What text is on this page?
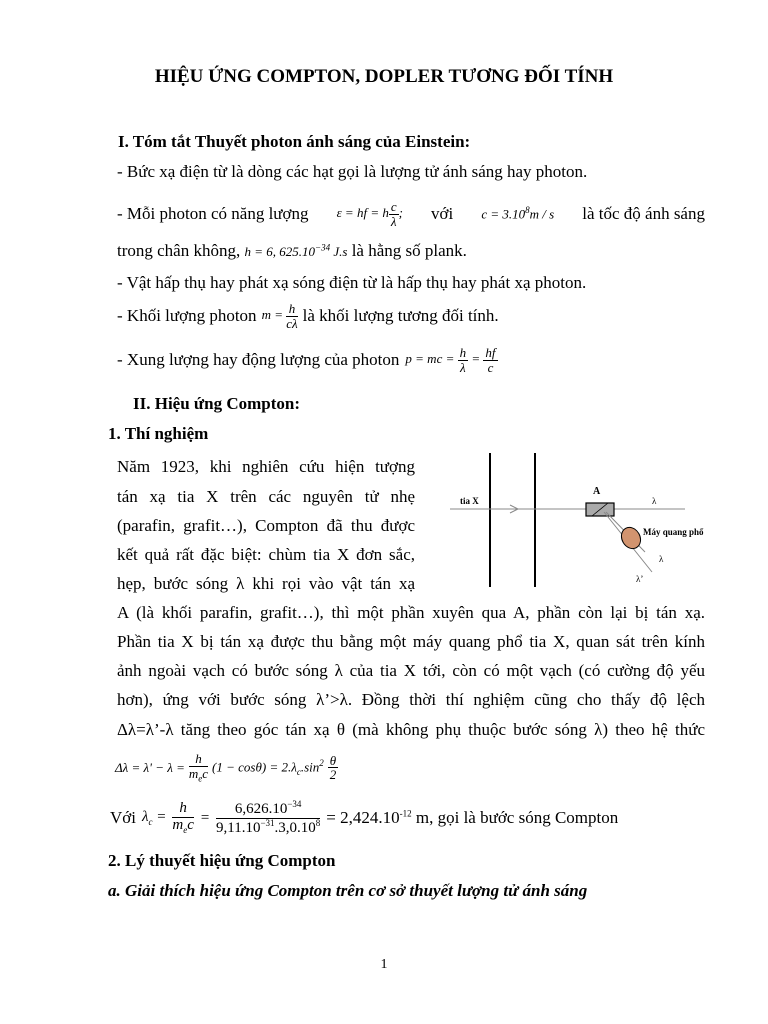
HIỆU ỨNG COMPTON, DOPLER TƯƠNG ĐỐI TÍNH
I. Tóm tắt Thuyết photon ánh sáng của Einstein:
- Bức xạ điện từ là dòng các hạt gọi là lượng tử ánh sáng hay photon.
- Mỗi photon có năng lượng ε = hf = h $\frac{c}{\lambda}$ ; với $c = 3.10^8m / s$ là tốc độ ánh sáng
trong chân không, h = 6, $625.10^{-34}$ J.s là hằng số plank.
- Vật hấp thụ hay phát xạ sóng điện từ là hấp thụ hay phát xạ photon.
- Khối lượng photon $m = \frac{h}{c\lambda}$ là khối lượng tương đối tính.
- Xung lượng hay động lượng của photon p = mc = $\frac{h}{\lambda} = \frac{hf}{c}$
II. Hiệu ứng Compton:
1. Thí nghiệm
Năm 1923, khi nghiên cứu hiện tượng
tán xạ tia X trên các nguyên tử nhẹ
(parafin, grafit…), Compton đã thu được
kết quả rất đặc biệt: chùm tia X đơn sắc,
hẹp, bước sóng λ khi rọi vào vật tán xạ
A (là khối parafin, grafit…), thì một phần xuyên qua A, phần còn lại bị tán xạ.
Phần tia X bị tán xạ được thu bằng một máy quang phổ tia X, quan sát trên kính
ảnh ngoài vạch có bước sóng λ của tia X tới, còn có một vạch (có cường độ yếu
hơn), ứng với bước sóng λ’>λ. Đồng thời thí nghiệm cũng cho thấy độ lệch
Δλ=λ’-λ tăng theo góc tán xạ θ (mà không phụ thuộc bước sóng λ) theo hệ thức
tia X
A
λ
Máy quang phổ
λ
λ’
$\Delta\lambda = \lambda' - \lambda = \frac{h}{m_ec} (1 - \cos\theta) = 2.\lambda_c.\sin^2 \frac{\theta}{2}$
Với $\lambda_c = \frac{h}{m_ec} = \frac{6,626.10^{-34}}{9,11.10^{-31}.3,0.10^8} = 2,424.10^{-12}$ m, gọi là bước sóng Compton
2. Lý thuyết hiệu ứng Compton
a. Giải thích hiệu ứng Compton trên cơ sở thuyết lượng tử ánh sáng
1
